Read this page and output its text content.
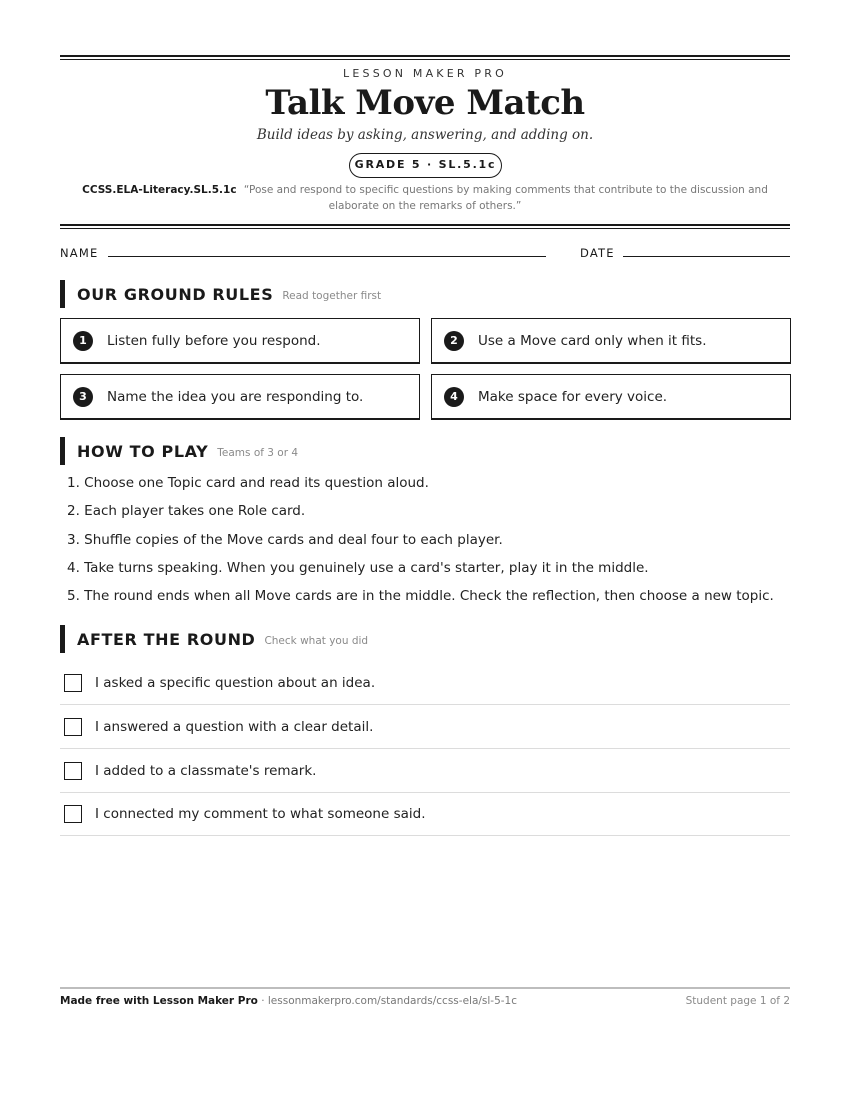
LESSON MAKER PRO
Talk Move Match
Build ideas by asking, answering, and adding on.
GRADE 5 · SL.5.1c
CCSS.ELA-Literacy.SL.5.1c “Pose and respond to specific questions by making comments that contribute to the discussion and elaborate on the remarks of others.”
NAME	DATE
OUR GROUND RULES Read together first
1	Listen fully before you respond.	2	Use a Move card only when it fits.
3	Name the idea you are responding to.	4	Make space for every voice.
HOW TO PLAY Teams of 3 or 4
1. Choose one Topic card and read its question aloud.
2. Each player takes one Role card.
3. Shuffle copies of the Move cards and deal four to each player.
4. Take turns speaking. When you genuinely use a card's starter, play it in the middle.
5. The round ends when all Move cards are in the middle. Check the reflection, then choose a new topic.
AFTER THE ROUND Check what you did
I asked a specific question about an idea.
I answered a question with a clear detail.
I added to a classmate's remark.
I connected my comment to what someone said.
Made free with Lesson Maker Pro · lessonmakerpro.com/standards/ccss-ela/sl-5-1c	Student page 1 of 2
